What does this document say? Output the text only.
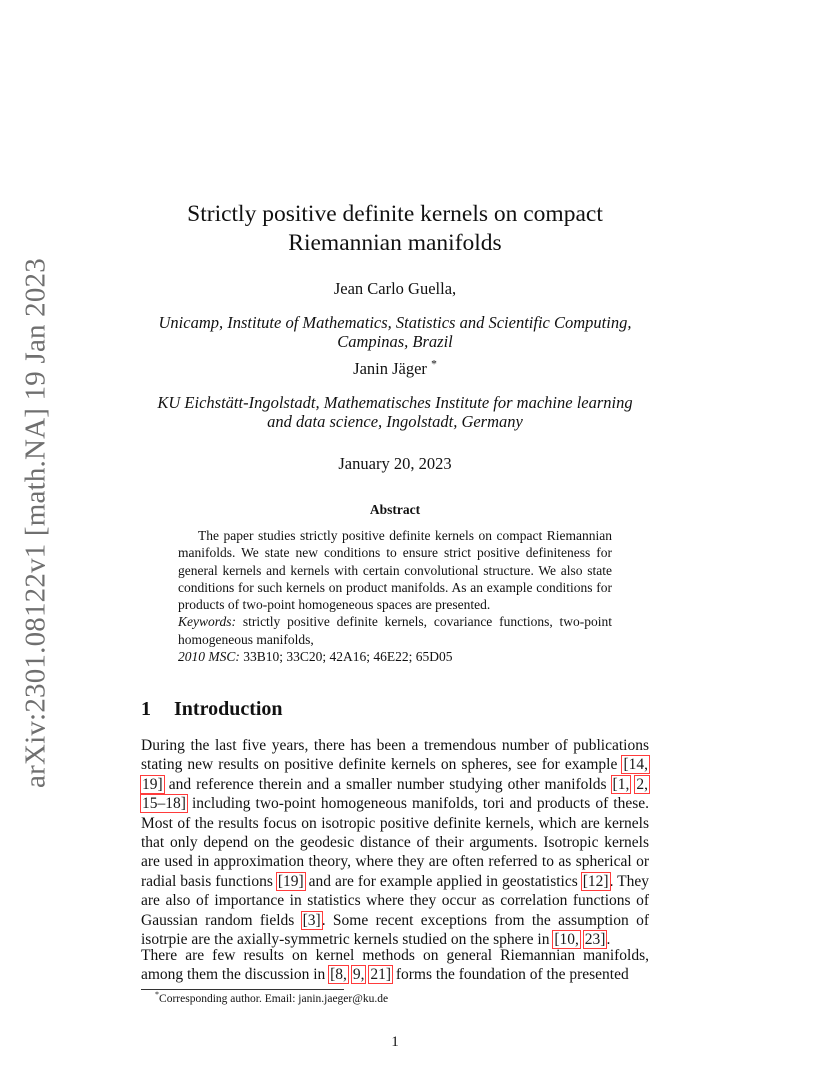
arXiv:2301.08122v1 [math.NA] 19 Jan 2023
Strictly positive definite kernels on compact
Riemannian manifolds
Jean Carlo Guella,
Unicamp, Institute of Mathematics, Statistics and Scientific Computing,
Campinas, Brazil
Janin Jäger *
KU Eichstätt-Ingolstadt, Mathematisches Institute for machine learning
and data science, Ingolstadt, Germany
January 20, 2023
Abstract

The paper studies strictly positive definite kernels on compact Riemannian manifolds. We state new conditions to ensure strict positive definiteness for general kernels and kernels with certain convolutional structure. We also state conditions for such kernels on product manifolds. As an example conditions for products of two-point homogeneous spaces are presented.

Keywords: strictly positive definite kernels, covariance functions, two-point homogeneous manifolds,

2010 MSC: 33B10; 33C20; 42A16; 46E22; 65D05

1 Introduction
During the last five years, there has been a tremendous number of publications stating new results on positive definite kernels on spheres, see for example [14, 19] and reference therein and a smaller number studying other manifolds [1, 2, 15–18] including two-point homogeneous manifolds, tori and products of these. Most of the results focus on isotropic positive definite kernels, which are kernels that only depend on the geodesic distance of their arguments. Isotropic kernels are used in approximation theory, where they are often referred to as spherical or radial basis functions [19] and are for example applied in geostatistics [12]. They are also of importance in statistics where they occur as correlation functions of Gaussian random fields [3]. Some recent exceptions from the assumption of isotrpie are the axially-symmetric kernels studied on the sphere in [10, 23].
There are few results on kernel methods on general Riemannian manifolds, among them the discussion in [8, 9, 21] forms the foundation of the presented
*Corresponding author. Email: janin.jaeger@ku.de
1
